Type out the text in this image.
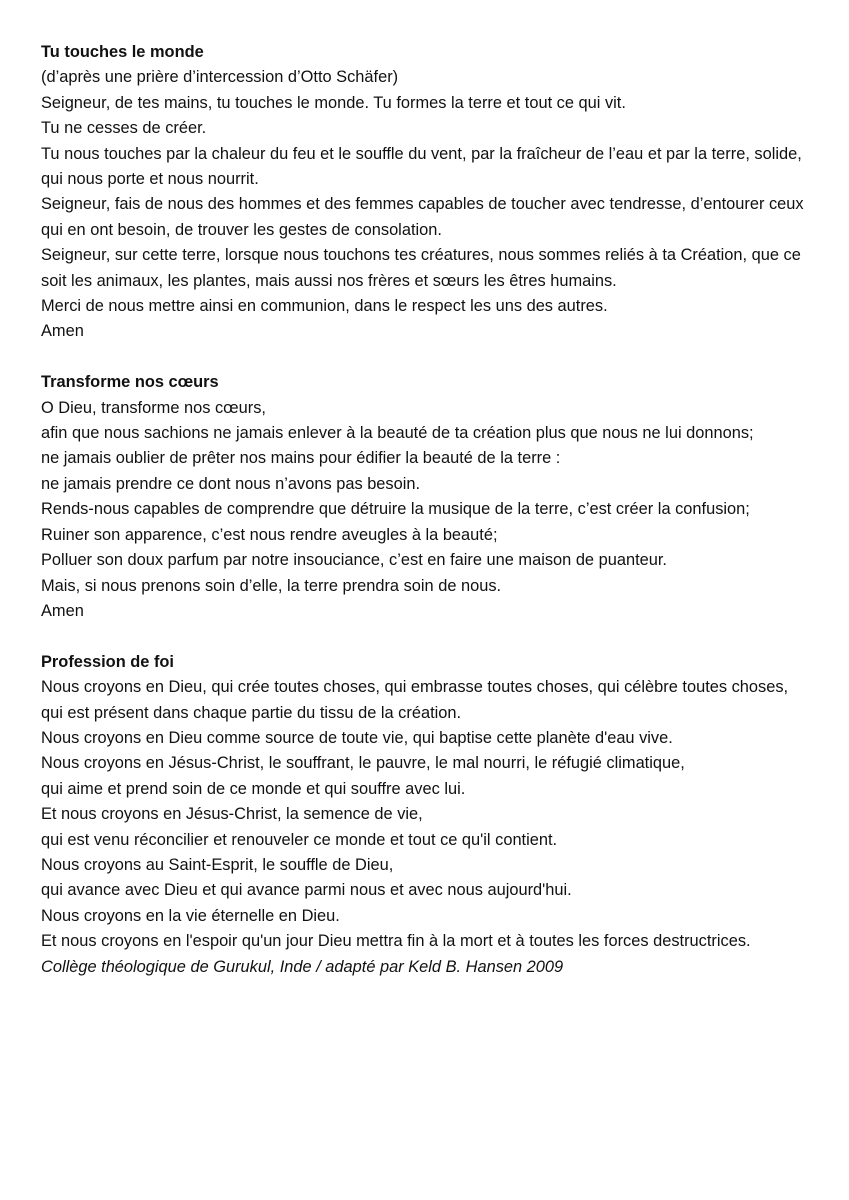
Tu touches le monde

(d’après une prière d’intercession d’Otto Schäfer)

Seigneur, de tes mains, tu touches le monde. Tu formes la terre et tout ce qui vit.

Tu ne cesses de créer.

Tu nous touches par la chaleur du feu et le souffle du vent, par la fraîcheur de l’eau et par la terre, solide, qui nous porte et nous nourrit.

Seigneur, fais de nous des hommes et des femmes capables de toucher avec tendresse, d’entourer ceux qui en ont besoin, de trouver les gestes de consolation.

Seigneur, sur cette terre, lorsque nous touchons tes créatures, nous sommes reliés à ta Création, que ce soit les animaux, les plantes, mais aussi nos frères et sœurs les êtres humains.

Merci de nous mettre ainsi en communion, dans le respect les uns des autres.

Amen

Transforme nos cœurs

O Dieu, transforme nos cœurs,

afin que nous sachions ne jamais enlever à la beauté de ta création plus que nous ne lui donnons;

ne jamais oublier de prêter nos mains pour édifier la beauté de la terre :

ne jamais prendre ce dont nous n’avons pas besoin.

Rends-nous capables de comprendre que détruire la musique de la terre, c’est créer la confusion;

Ruiner son apparence, c’est nous rendre aveugles à la beauté;

Polluer son doux parfum par notre insouciance, c’est en faire une maison de puanteur.

Mais, si nous prenons soin d’elle, la terre prendra soin de nous.

Amen

Profession de foi

Nous croyons en Dieu, qui crée toutes choses, qui embrasse toutes choses, qui célèbre toutes choses,

qui est présent dans chaque partie du tissu de la création.

Nous croyons en Dieu comme source de toute vie, qui baptise cette planète d'eau vive.

Nous croyons en Jésus-Christ, le souffrant, le pauvre, le mal nourri, le réfugié climatique,

qui aime et prend soin de ce monde et qui souffre avec lui.

Et nous croyons en Jésus-Christ, la semence de vie,

qui est venu réconcilier et renouveler ce monde et tout ce qu'il contient.

Nous croyons au Saint-Esprit, le souffle de Dieu,

qui avance avec Dieu et qui avance parmi nous et avec nous aujourd'hui.

Nous croyons en la vie éternelle en Dieu.

Et nous croyons en l'espoir qu'un jour Dieu mettra fin à la mort et à toutes les forces destructrices.

Collège théologique de Gurukul, Inde / adapté par Keld B. Hansen 2009
